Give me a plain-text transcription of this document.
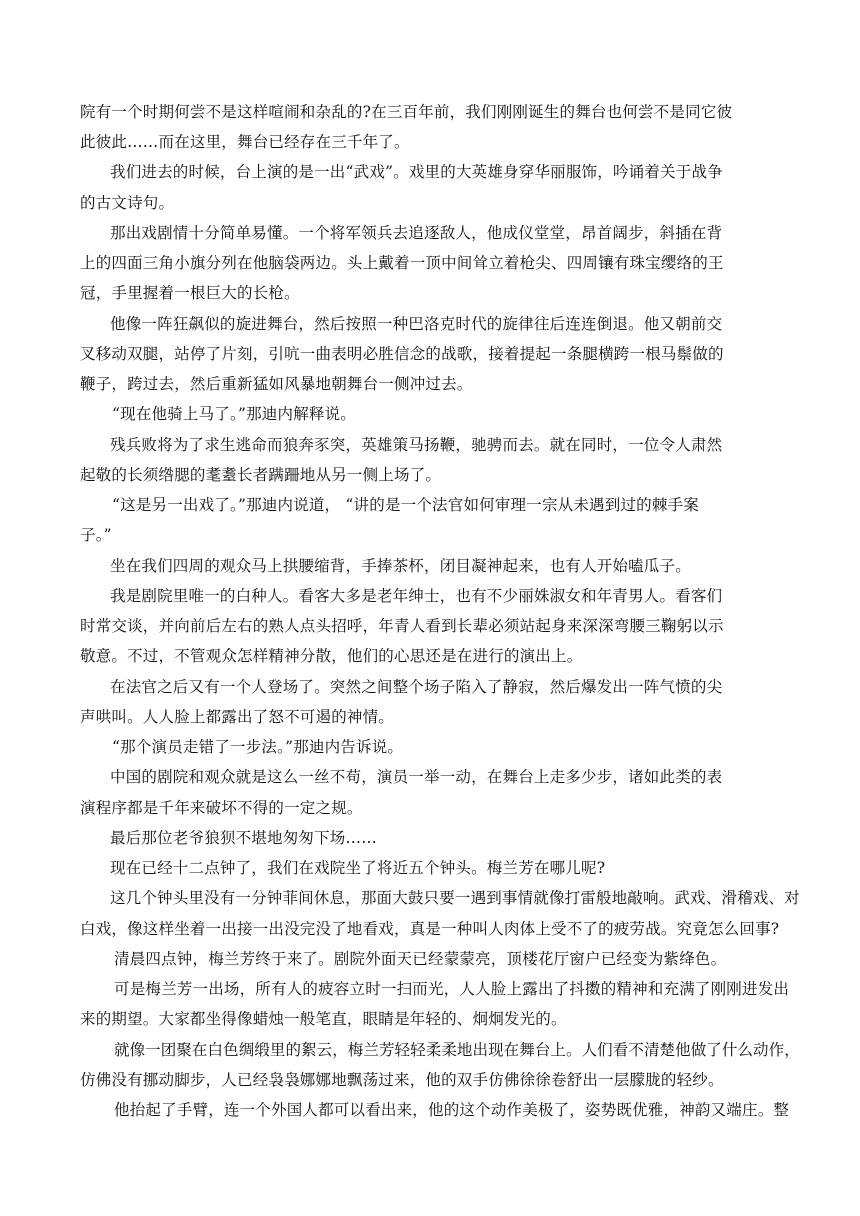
院有一个时期何尝不是这样喧闹和杂乱的?在三百年前，我们刚刚诞生的舞台也何尝不是同它彼
此彼此……而在这里，舞台已经存在三千年了。
我们进去的时候，台上演的是一出“武戏”。戏里的大英雄身穿华丽服饰，吟诵着关于战争
的古文诗句。
那出戏剧情十分简单易懂。一个将军领兵去追逐敌人，他成仪堂堂，昂首阔步，斜插在背
上的四面三角小旗分列在他脑袋两边。头上戴着一顶中间耸立着枪尖、四周镶有珠宝缨络的王
冠，手里握着一根巨大的长枪。
他像一阵狂飙似的旋进舞台，然后按照一种巴洛克时代的旋律往后连连倒退。他又朝前交
叉移动双腿，站停了片刻，引吭一曲表明必胜信念的战歌，接着提起一条腿横跨一根马鬃做的
鞭子，跨过去，然后重新猛如风暴地朝舞台一侧冲过去。
“现在他骑上马了。”那迪内解释说。
残兵败将为了求生逃命而狼奔豕突，英雄策马扬鞭，驰骋而去。就在同时，一位令人肃然
起敬的长须绺腮的耄耋长者蹒跚地从另一侧上场了。
“这是另一出戏了。”那迪内说道， “讲的是一个法官如何审理一宗从未遇到过的棘手案
子。”
坐在我们四周的观众马上拱腰缩背，手捧茶杯，闭目凝神起来，也有人开始嗑瓜子。
我是剧院里唯一的白种人。看客大多是老年绅士，也有不少丽姝淑女和年青男人。看客们
时常交谈，并向前后左右的熟人点头招呼，年青人看到长辈必须站起身来深深弯腰三鞠躬以示
敬意。不过，不管观众怎样精神分散，他们的心思还是在进行的演出上。
在法官之后又有一个人登场了。突然之间整个场子陷入了静寂，然后爆发出一阵气愤的尖
声哄叫。人人脸上都露出了怒不可遏的神情。
“那个演员走错了一步法。”那迪内告诉说。
中国的剧院和观众就是这么一丝不苟，演员一举一动，在舞台上走多少步，诸如此类的表
演程序都是千年来破坏不得的一定之规。
最后那位老爷狼狈不堪地匆匆下场……
现在已经十二点钟了，我们在戏院坐了将近五个钟头。梅兰芳在哪儿呢?
这几个钟头里没有一分钟菲间休息，那面大鼓只要一遇到事情就像打雷般地敲响。武戏、滑稽戏、对
白戏，像这样坐着一出接一出没完没了地看戏，真是一种叫人肉体上受不了的疲劳战。究竟怎么回事?
清晨四点钟，梅兰芳终于来了。剧院外面天已经蒙蒙亮，顶楼花厅窗户已经变为紫绛色。
可是梅兰芳一出场，所有人的疲容立时一扫而光，人人脸上露出了抖擞的精神和充满了刚刚进发出
来的期望。大家都坐得像蜡烛一般笔直，眼睛是年轻的、炯炯发光的。
就像一团聚在白色绸缎里的絮云，梅兰芳轻轻柔柔地出现在舞台上。人们看不清楚他做了什么动作，
仿佛没有挪动脚步，人已经袅袅娜娜地飘荡过来，他的双手仿佛徐徐卷舒出一层朦胧的轻纱。
他抬起了手臂，连一个外国人都可以看出来，他的这个动作美极了，姿势既优雅，神韵又端庄。整
